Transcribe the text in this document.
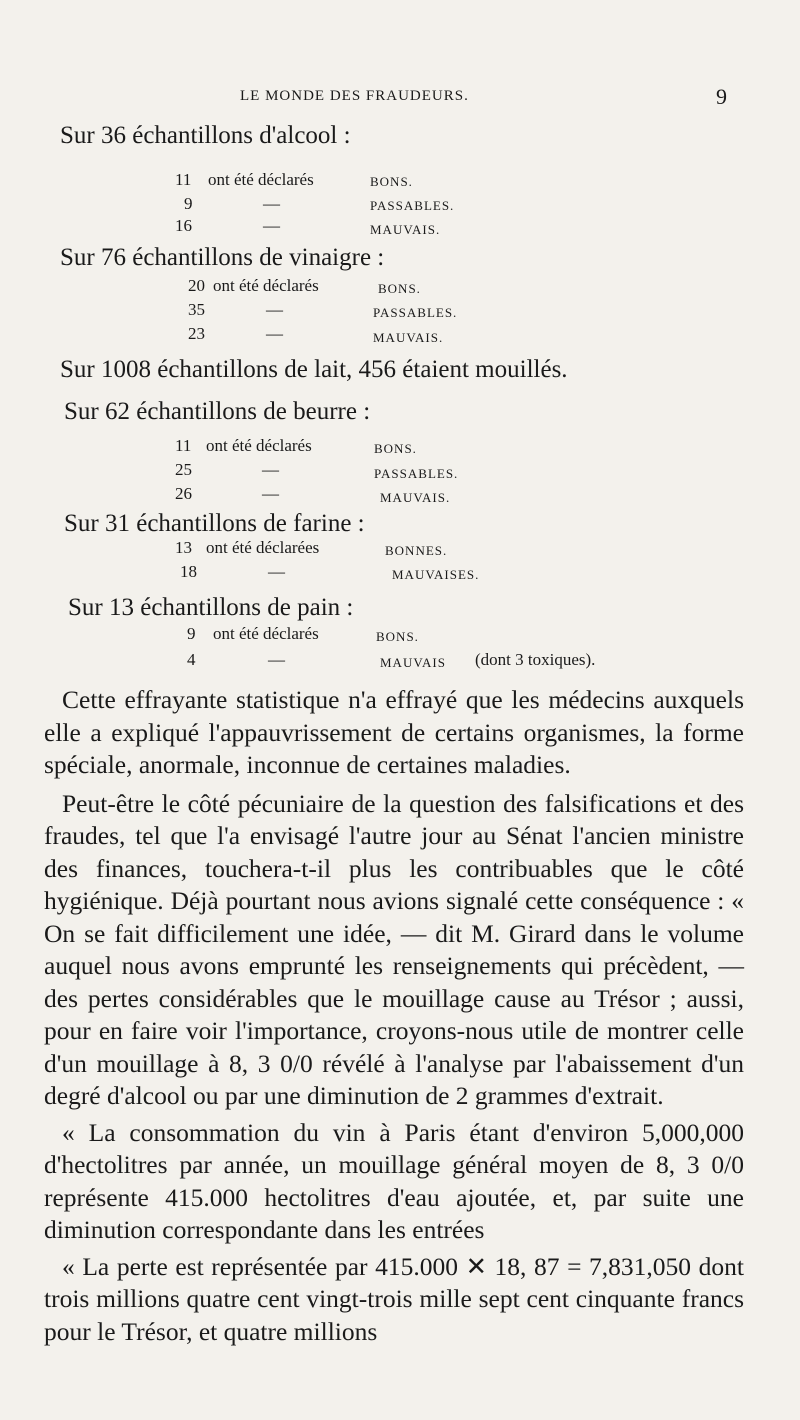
LE MONDE DES FRAUDEURS.	9
Sur 36 échantillons d'alcool :
11 ont été déclarés	BONS.
9	—	PASSABLES.
16	—	MAUVAIS.
Sur 76 échantillons de vinaigre :
20 ont été déclarés	BONS.
35	—	PASSABLES.
23	—	MAUVAIS.
Sur 1008 échantillons de lait, 456 étaient mouillés.
Sur 62 échantillons de beurre :
11 ont été déclarés	BONS.
25	—	PASSABLES.
26	—	MAUVAIS.
Sur 31 échantillons de farine :
13 ont été déclarées	BONNES.
18	—	MAUVAISES.
Sur 13 échantillons de pain :
9 ont été déclarés	BONS.
4	—	MAUVAIS (dont 3 toxiques).

Cette effrayante statistique n'a effrayé que les médecins auxquels elle a expliqué l'appauvrissement de certains organismes, la forme spéciale, anormale, inconnue de certaines maladies.

Peut-être le côté pécuniaire de la question des falsifications et des fraudes, tel que l'a envisagé l'autre jour au Sénat l'ancien ministre des finances, touchera-t-il plus les contribuables que le côté hygiénique. Déjà pourtant nous avions signalé cette conséquence : « On se fait difficilement une idée, — dit M. Girard dans le volume auquel nous avons emprunté les renseignements qui précèdent, — des pertes considérables que le mouillage cause au Trésor ; aussi, pour en faire voir l'importance, croyons-nous utile de montrer celle d'un mouillage à 8, 3 0/0 révélé à l'analyse par l'abaissement d'un degré d'alcool ou par une diminution de 2 grammes d'extrait.

« La consommation du vin à Paris étant d'environ 5,000,000 d'hectolitres par année, un mouillage général moyen de 8, 3 0/0 représente 415.000 hectolitres d'eau ajoutée, et, par suite une diminution correspondante dans les entrées

« La perte est représentée par 415.000 ✕ 18, 87 = 7,831,050 dont trois millions quatre cent vingt-trois mille sept cent cinquante francs pour le Trésor, et quatre millions
